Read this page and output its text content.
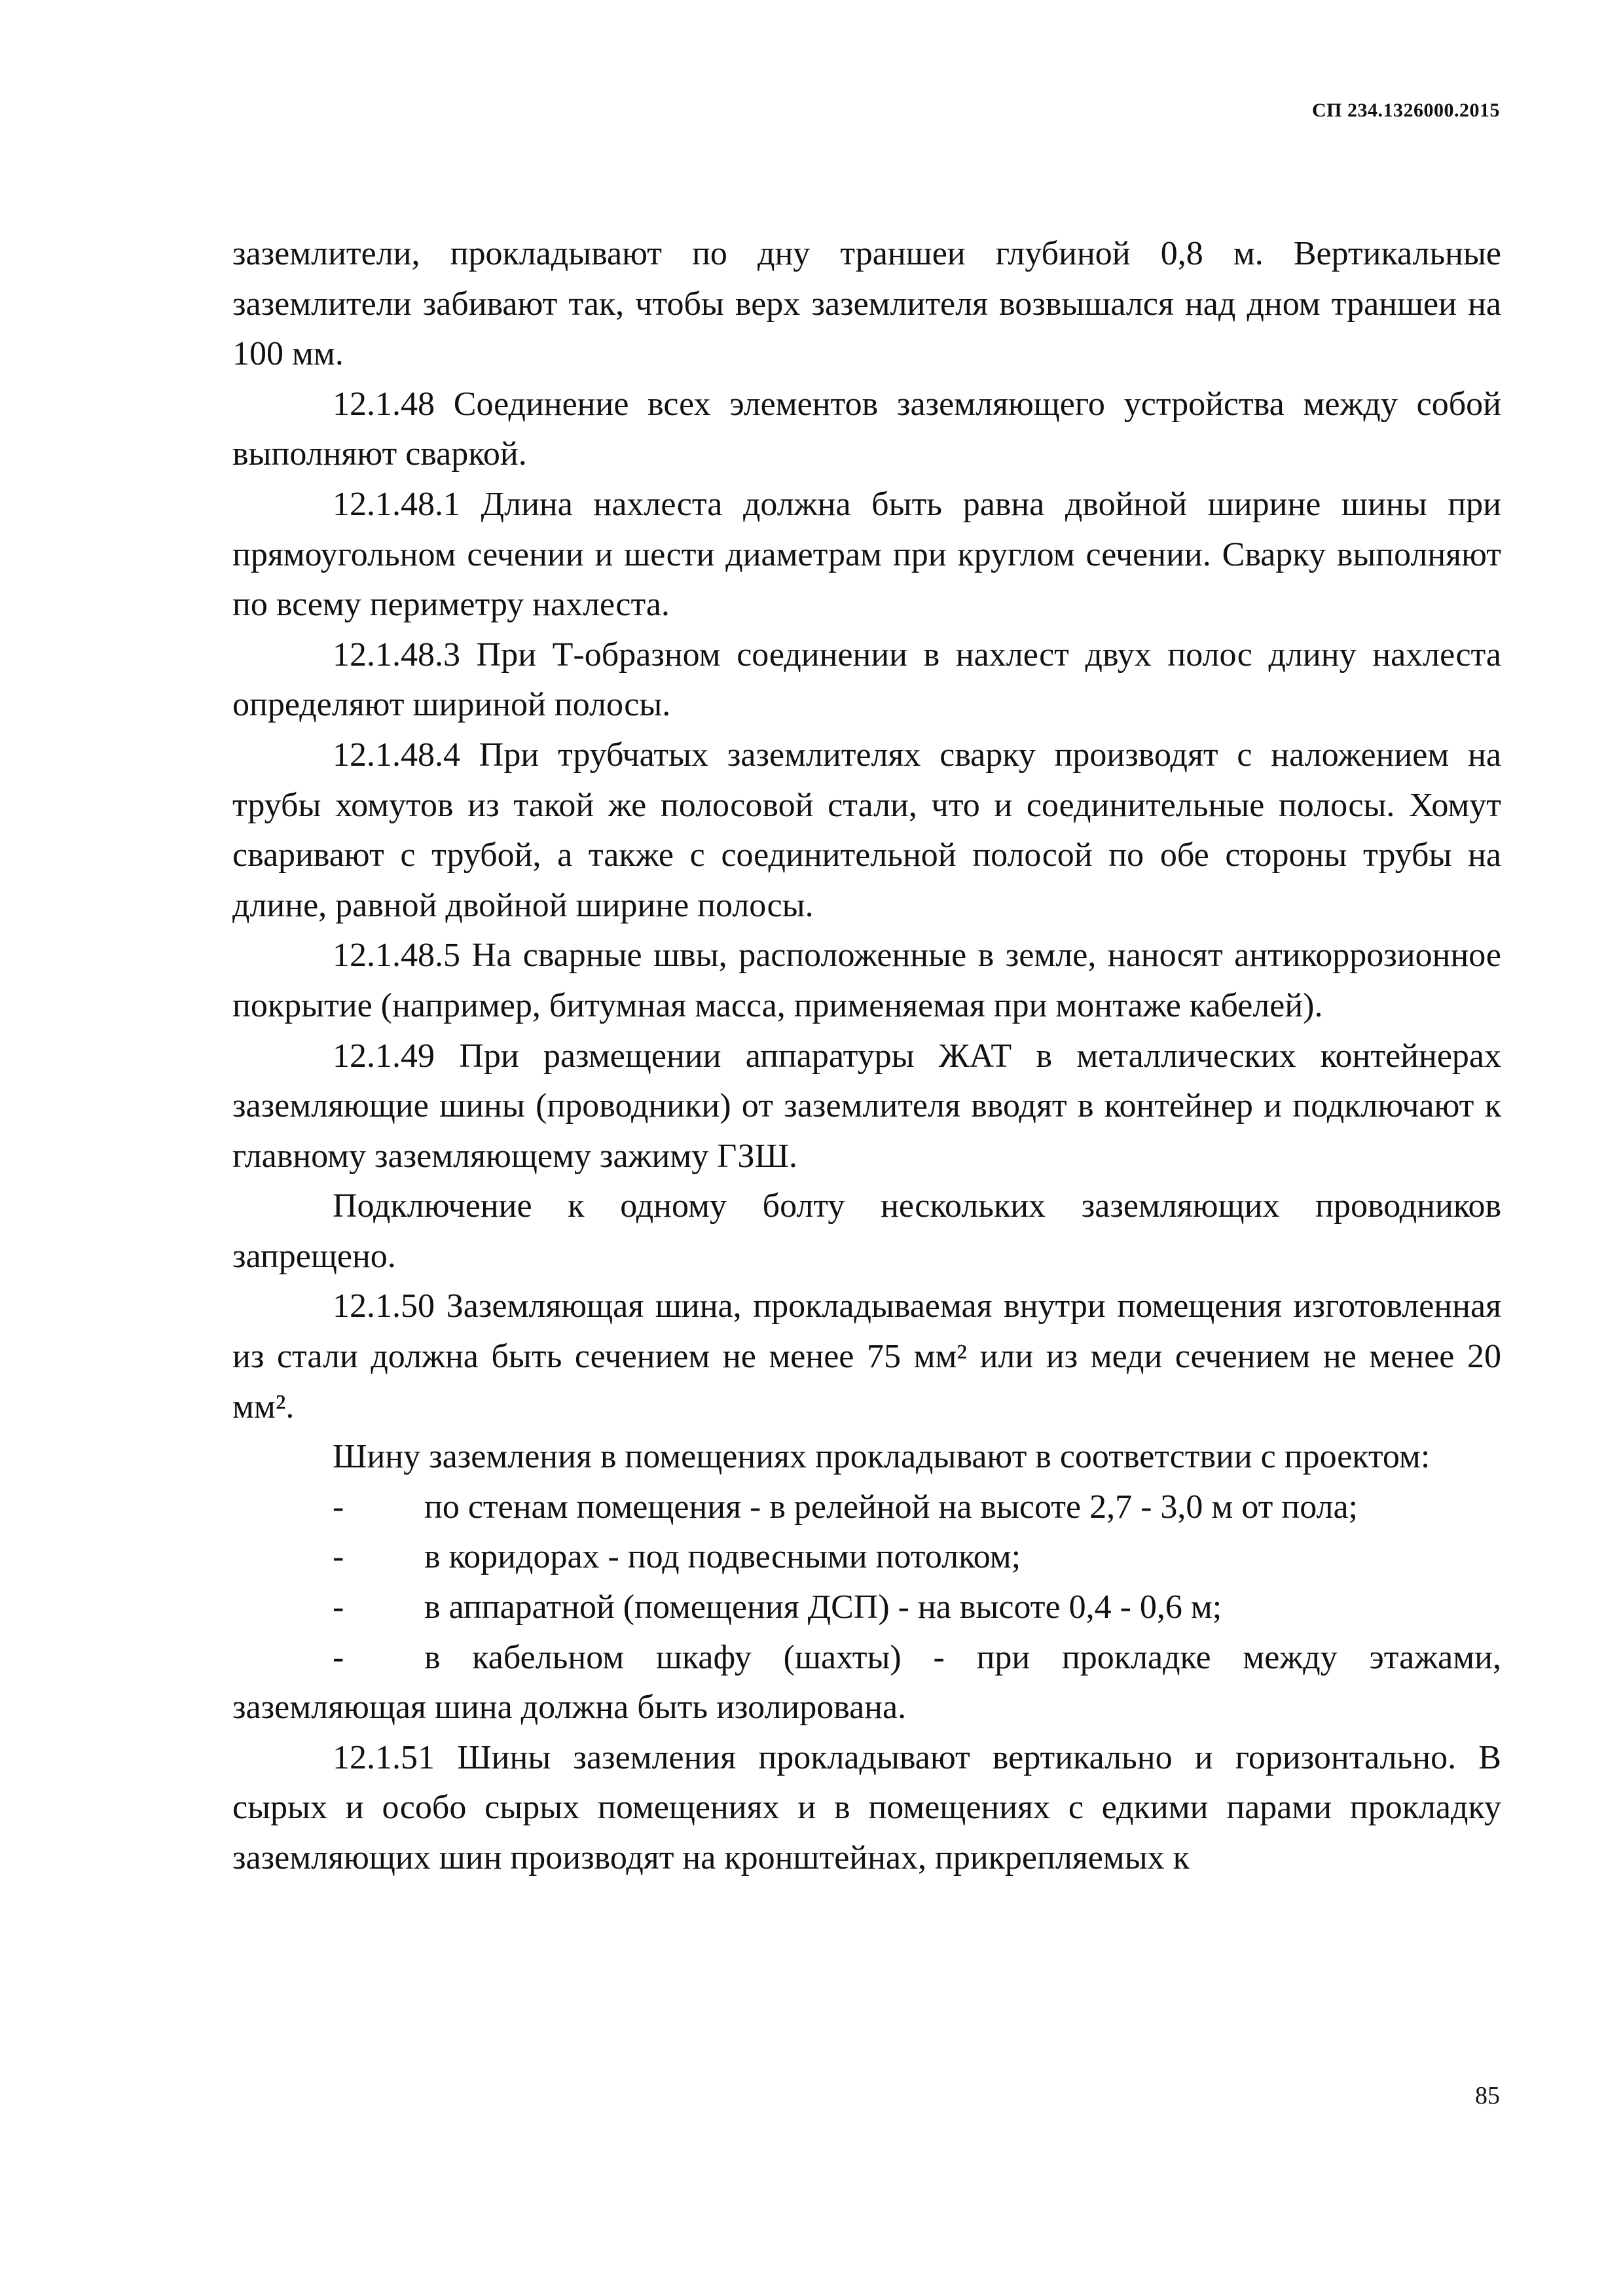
СП 234.1326000.2015

заземлители, прокладывают по дну траншеи глубиной 0,8 м. Вертикальные заземлители забивают так, чтобы верх заземлителя возвышался над дном траншеи на 100 мм.

12.1.48 Соединение всех элементов заземляющего устройства между собой выполняют сваркой.

12.1.48.1 Длина нахлеста должна быть равна двойной ширине шины при прямоугольном сечении и шести диаметрам при круглом сечении. Сварку выполняют по всему периметру нахлеста.

12.1.48.3 При Т-образном соединении в нахлест двух полос длину нахлеста определяют шириной полосы.

12.1.48.4 При трубчатых заземлителях сварку производят с наложением на трубы хомутов из такой же полосовой стали, что и соединительные полосы. Хомут сваривают с трубой, а также с соединительной полосой по обе стороны трубы на длине, равной двойной ширине полосы.

12.1.48.5 На сварные швы, расположенные в земле, наносят антикоррозионное покрытие (например, битумная масса, применяемая при монтаже кабелей).

12.1.49 При размещении аппаратуры ЖАТ в металлических контейнерах заземляющие шины (проводники) от заземлителя вводят в контейнер и подключают к главному заземляющему зажиму ГЗШ.

Подключение к одному болту нескольких заземляющих проводников запрещено.

12.1.50 Заземляющая шина, прокладываемая внутри помещения изготовленная из стали должна быть сечением не менее 75 мм² или из меди сечением не менее 20 мм².

Шину заземления в помещениях прокладывают в соответствии с проектом:

- по стенам помещения - в релейной на высоте 2,7 - 3,0 м от пола;

- в коридорах - под подвесными потолком;

- в аппаратной (помещения ДСП) - на высоте 0,4 - 0,6 м;

- в кабельном шкафу (шахты) - при прокладке между этажами, заземляющая шина должна быть изолирована.

12.1.51 Шины заземления прокладывают вертикально и горизонтально. В сырых и особо сырых помещениях и в помещениях с едкими парами прокладку заземляющих шин производят на кронштейнах, прикрепляемых к

85
